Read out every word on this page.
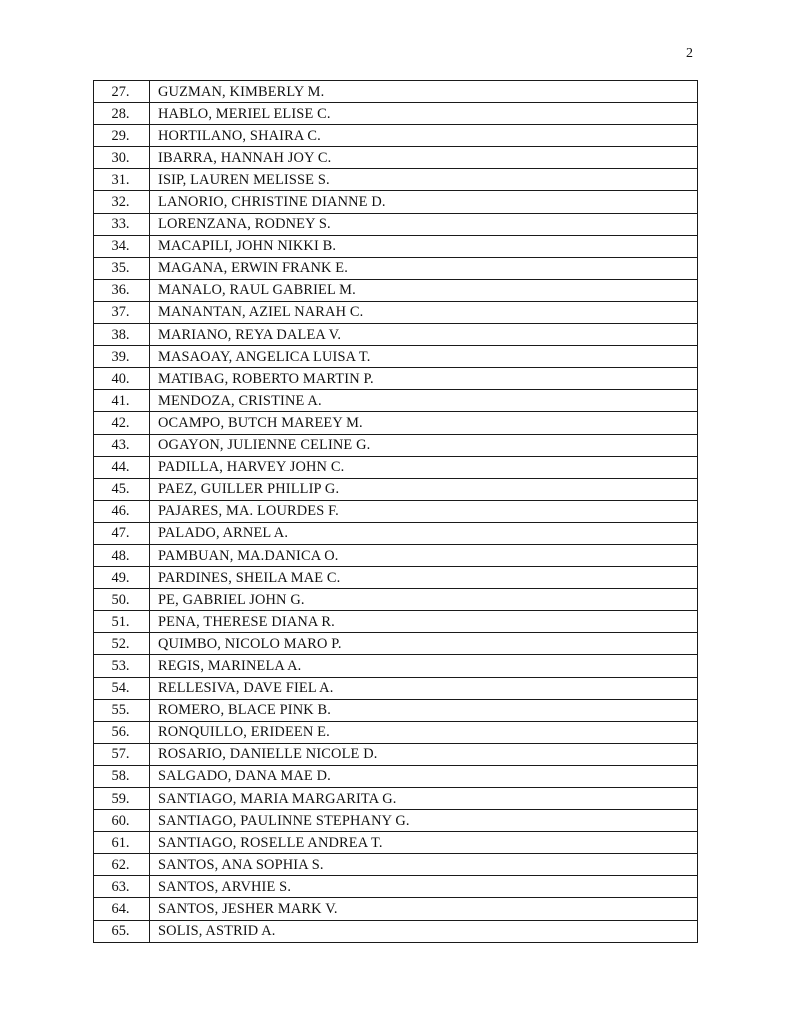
2
27.	GUZMAN, KIMBERLY M.
28.	HABLO, MERIEL ELISE C.
29.	HORTILANO, SHAIRA C.
30.	IBARRA, HANNAH JOY C.
31.	ISIP, LAUREN MELISSE S.
32.	LANORIO, CHRISTINE DIANNE D.
33.	LORENZANA, RODNEY S.
34.	MACAPILI, JOHN NIKKI B.
35.	MAGANA, ERWIN FRANK E.
36.	MANALO, RAUL GABRIEL M.
37.	MANANTAN, AZIEL NARAH C.
38.	MARIANO, REYA DALEA V.
39.	MASAOAY, ANGELICA LUISA T.
40.	MATIBAG, ROBERTO MARTIN P.
41.	MENDOZA, CRISTINE A.
42.	OCAMPO, BUTCH MAREEY M.
43.	OGAYON, JULIENNE CELINE G.
44.	PADILLA, HARVEY JOHN C.
45.	PAEZ, GUILLER PHILLIP G.
46.	PAJARES, MA. LOURDES F.
47.	PALADO, ARNEL A.
48.	PAMBUAN, MA.DANICA O.
49.	PARDINES, SHEILA MAE C.
50.	PE, GABRIEL JOHN G.
51.	PENA, THERESE DIANA R.
52.	QUIMBO, NICOLO MARO P.
53.	REGIS, MARINELA A.
54.	RELLESIVA, DAVE FIEL A.
55.	ROMERO, BLACE PINK B.
56.	RONQUILLO, ERIDEEN E.
57.	ROSARIO, DANIELLE NICOLE D.
58.	SALGADO, DANA MAE D.
59.	SANTIAGO, MARIA MARGARITA G.
60.	SANTIAGO, PAULINNE STEPHANY G.
61.	SANTIAGO, ROSELLE ANDREA T.
62.	SANTOS, ANA SOPHIA S.
63.	SANTOS, ARVHIE S.
64.	SANTOS, JESHER MARK V.
65.	SOLIS, ASTRID A.
